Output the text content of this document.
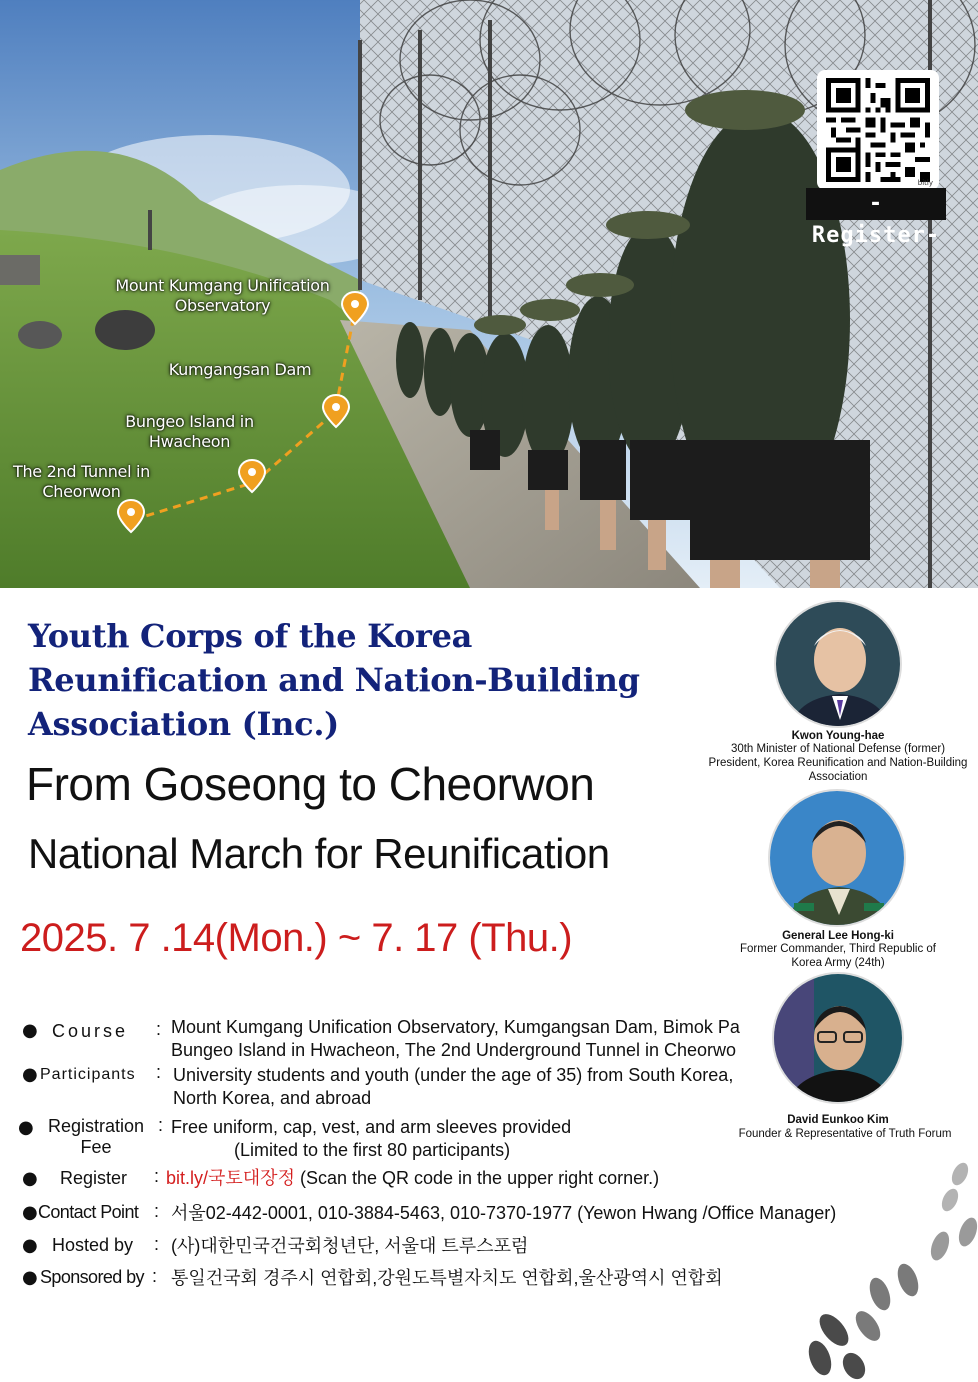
Mount Kumgang Unification
Observatory
Kumgangsan Dam
Bungeo Island in
Hwacheon
The 2nd Tunnel in
Cheorwon
bitly
-Register-
Youth Corps of the Korea
Reunification and Nation-Building
Association (Inc.)
From Goseong to Cheorwon
National March for Reunification
2025. 7 .14(Mon.) ~ 7. 17 (Thu.)
Kwon Young-hae
30th Minister of National Defense (former)
President, Korea Reunification and Nation-Building
Association
General Lee Hong-ki
Former Commander, Third Republic of
Korea Army (24th)
David Eunkoo Kim
Founder & Representative of Truth Forum
● Course : Mount Kumgang Unification Observatory, Kumgangsan Dam, Bimok Pa
Bungeo Island in Hwacheon, The 2nd Underground Tunnel in Cheorwo
● Participants : University students and youth (under the age of 35) from South Korea,
North Korea, and abroad
● Registration
Fee
: Free uniform, cap, vest, and arm sleeves provided
(Limited to the first 80 participants)
● Register : bit.ly/국토대장정 (Scan the QR code in the upper right corner.)
● Contact Point : 서울02-442-0001, 010-3884-5463, 010-7370-1977 (Yewon Hwang /Office Manager)
● Hosted by : (사)대한민국건국회청년단, 서울대 트루스포럼
● Sponsored by : 통일건국회 경주시 연합회,강원도특별자치도 연합회,울산광역시 연합회
